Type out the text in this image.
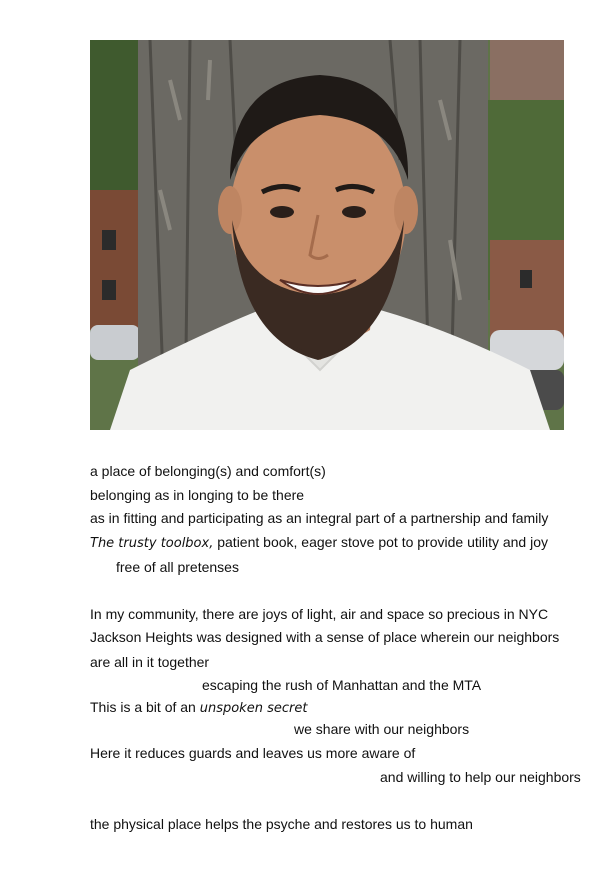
a place of belonging(s) and comfort(s)
belonging as in longing to be there
as in fitting and participating as an integral part of a partnership and family
The trusty toolbox, patient book, eager stove pot to provide utility and joy
free of all pretenses
In my community, there are joys of light, air and space so precious in NYC
Jackson Heights was designed with a sense of place wherein our neighbors
are all in it together
escaping the rush of Manhattan and the MTA
This is a bit of an unspoken secret
we share with our neighbors
Here it reduces guards and leaves us more aware of
and willing to help our neighbors
the physical place helps the psyche and restores us to human
